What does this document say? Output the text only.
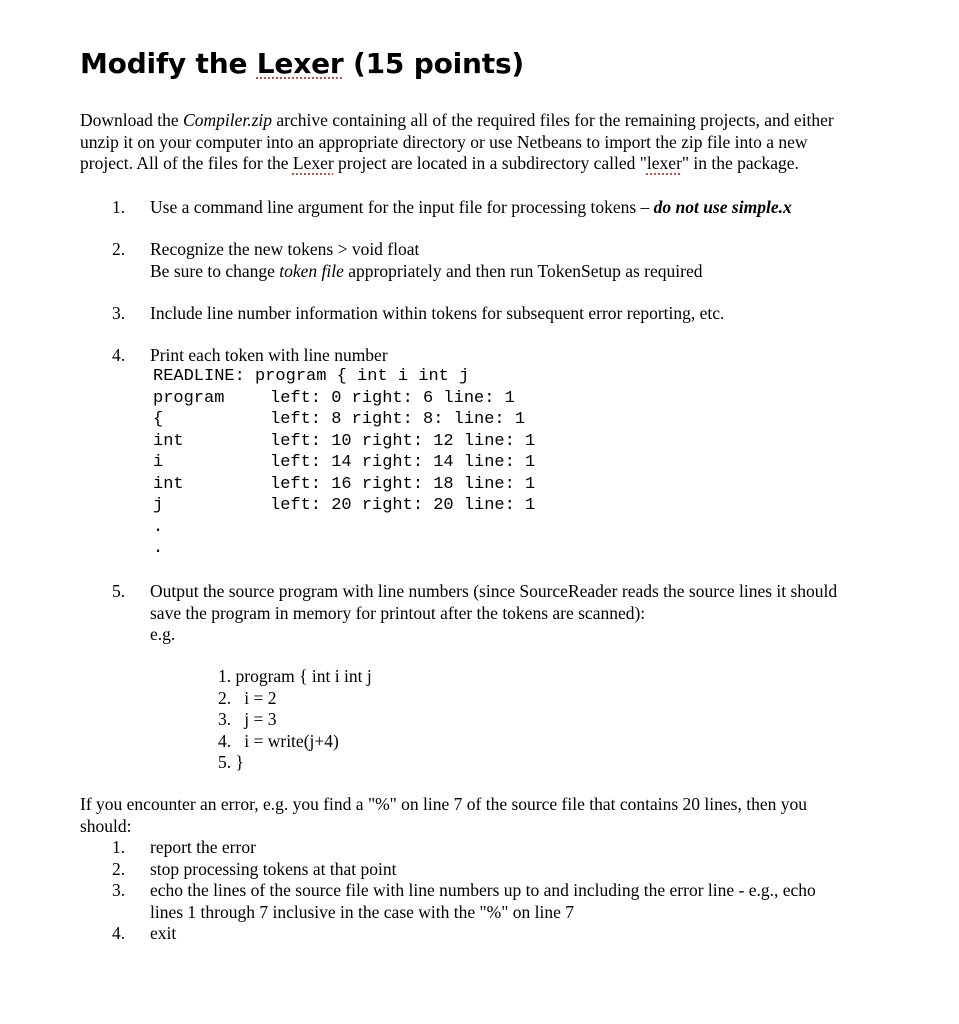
Modify the Lexer (15 points)
Download the Compiler.zip archive containing all of the required files for the remaining projects, and either
unzip it on your computer into an appropriate directory or use Netbeans to import the zip file into a new
project. All of the files for the Lexer project are located in a subdirectory called "lexer" in the package.
1. Use a command line argument for the input file for processing tokens – do not use simple.x
2. Recognize the new tokens > void float
Be sure to change token file appropriately and then run TokenSetup as required
3. Include line number information within tokens for subsequent error reporting, etc.
4. Print each token with line number
READLINE: program { int i int j
program	left: 0 right: 6 line: 1
{	left: 8 right: 8: line: 1
int	left: 10 right: 12 line: 1
i	left: 14 right: 14 line: 1
int	left: 16 right: 18 line: 1
j	left: 20 right: 20 line: 1
.
.
5. Output the source program with line numbers (since SourceReader reads the source lines it should
save the program in memory for printout after the tokens are scanned):
e.g.
1. program { int i int j
2.   i = 2
3.   j = 3
4.   i = write(j+4)
5. }
If you encounter an error, e.g. you find a "%" on line 7 of the source file that contains 20 lines, then you
should:
1. report the error
2. stop processing tokens at that point
3. echo the lines of the source file with line numbers up to and including the error line - e.g., echo
lines 1 through 7 inclusive in the case with the "%" on line 7
4. exit
